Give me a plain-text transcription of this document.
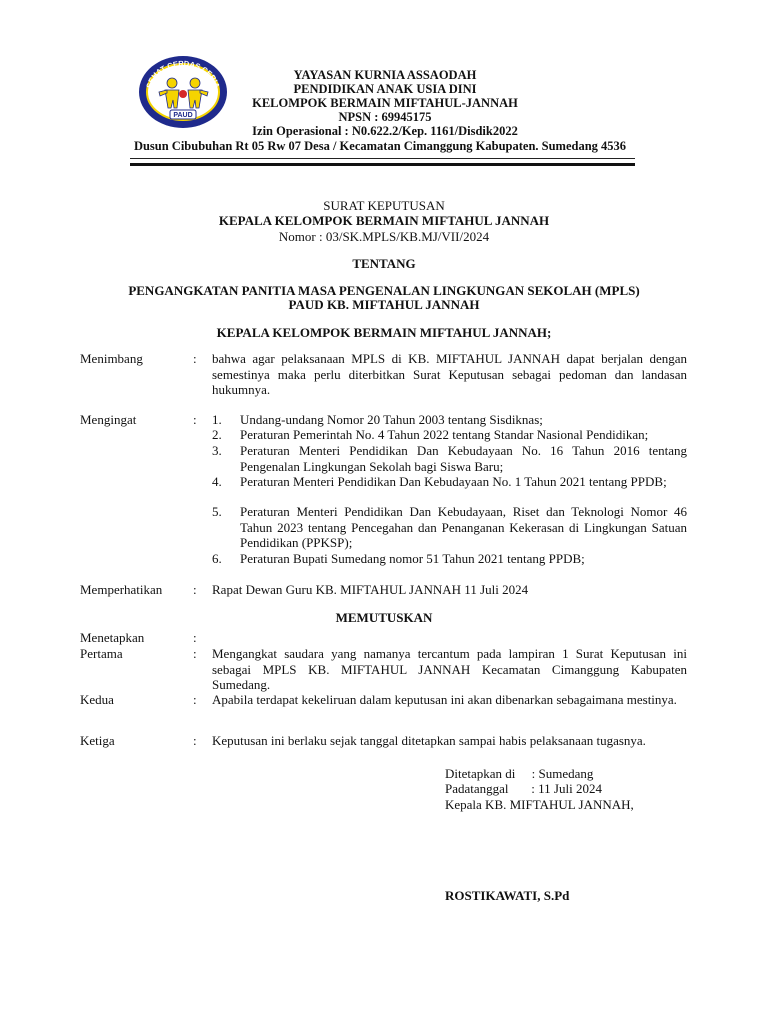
SEHAT CERDAS CERIA
PAUD
YAYASAN KURNIA ASSAODAH
PENDIDIKAN ANAK USIA DINI
KELOMPOK BERMAIN MIFTAHUL-JANNAH
NPSN : 69945175
Izin Operasional : N0.622.2/Kep. 1161/Disdik2022
Dusun Cibubuhan Rt 05 Rw 07 Desa / Kecamatan Cimanggung Kabupaten. Sumedang 4536
SURAT KEPUTUSAN
KEPALA KELOMPOK BERMAIN MIFTAHUL JANNAH
Nomor : 03/SK.MPLS/KB.MJ/VII/2024
TENTANG
PENGANGKATAN PANITIA MASA PENGENALAN LINGKUNGAN SEKOLAH (MPLS)
PAUD KB. MIFTAHUL JANNAH
KEPALA KELOMPOK BERMAIN MIFTAHUL JANNAH;
Menimbang	: bahwa agar pelaksanaan MPLS di KB. MIFTAHUL JANNAH dapat berjalan dengan semestinya maka perlu diterbitkan Surat Keputusan sebagai pedoman dan landasan hukumnya.
Mengingat	: 1. Undang-undang Nomor 20 Tahun 2003 tentang Sisdiknas;
2. Peraturan Pemerintah No. 4 Tahun 2022 tentang Standar Nasional Pendidikan;
3. Peraturan Menteri Pendidikan Dan Kebudayaan No. 16 Tahun 2016 tentang Pengenalan Lingkungan Sekolah bagi Siswa Baru;
4. Peraturan Menteri Pendidikan Dan Kebudayaan No. 1 Tahun 2021 tentang PPDB;
5. Peraturan Menteri Pendidikan Dan Kebudayaan, Riset dan Teknologi Nomor 46 Tahun 2023 tentang Pencegahan dan Penanganan Kekerasan di Lingkungan Satuan Pendidikan (PPKSP);
6. Peraturan Bupati Sumedang nomor 51 Tahun 2021 tentang PPDB;
Memperhatikan : Rapat Dewan Guru KB. MIFTAHUL JANNAH 11 Juli 2024
MEMUTUSKAN
Menetapkan	:
Pertama	: Mengangkat saudara yang namanya tercantum pada lampiran 1 Surat Keputusan ini sebagai MPLS KB. MIFTAHUL JANNAH Kecamatan Cimanggung Kabupaten Sumedang.
Kedua	: Apabila terdapat kekeliruan dalam keputusan ini akan dibenarkan sebagaimana mestinya.
Ketiga	: Keputusan ini berlaku sejak tanggal ditetapkan sampai habis pelaksanaan tugasnya.
Ditetapkan di     : Sumedang
Padatanggal       : 11 Juli 2024
Kepala KB. MIFTAHUL JANNAH,
ROSTIKAWATI, S.Pd
